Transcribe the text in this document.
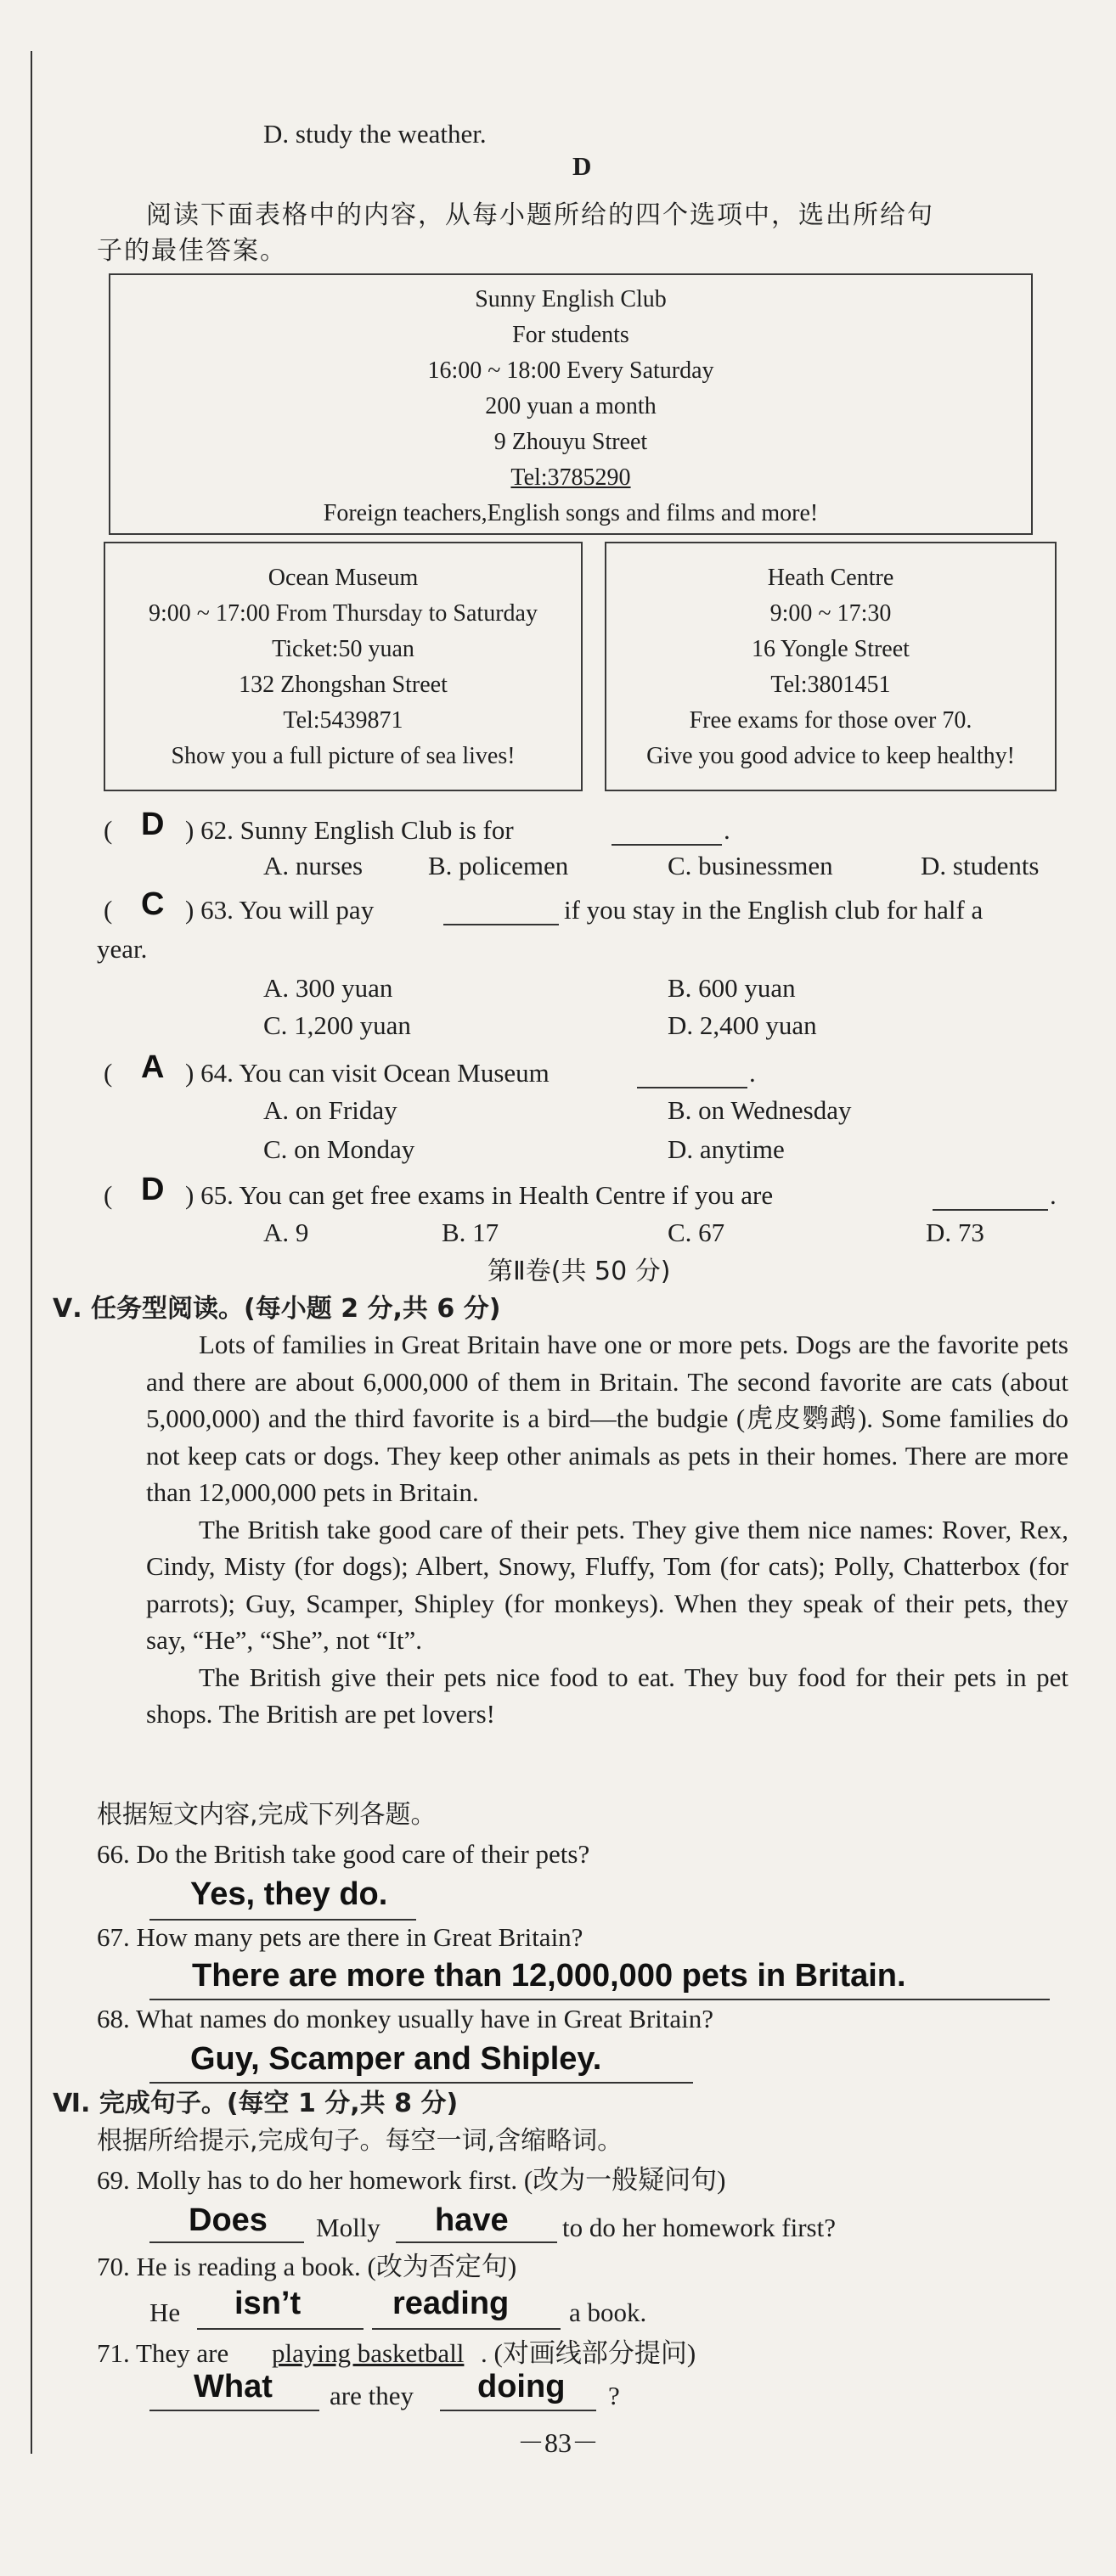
D. study the weather.
D
阅读下面表格中的内容，从每小题所给的四个选项中，选出所给句
子的最佳答案。
Sunny English Club
For students
16:00 ~ 18:00 Every Saturday
200 yuan a month
9 Zhouyu Street
Tel:3785290
Foreign teachers,English songs and films and more!
Ocean Museum
9:00 ~ 17:00 From Thursday to Saturday
Ticket:50 yuan
132 Zhongshan Street
Tel:5439871
Show you a full picture of sea lives!
Heath Centre
9:00 ~ 17:30
16 Yongle Street
Tel:3801451
Free exams for those over 70.
Give you good advice to keep healthy!
( D ) 62. Sunny English Club is for	.
A. nurses B. policemen	C. businessmen	D. students
( C ) 63. You will pay	if you stay in the English club for half a
year.
A. 300 yuan	B. 600 yuan
C. 1,200 yuan	D. 2,400 yuan
( A ) 64. You can visit Ocean Museum	.
A. on Friday	B. on Wednesday
C. on Monday	D. anytime
( D ) 65. You can get free exams in Health Centre if you are	.
A. 9	B. 17	C. 67	D. 73
第Ⅱ卷(共 50 分)
Ⅴ. 任务型阅读。(每小题 2 分,共 6 分)

Lots of families in Great Britain have one or more pets. Dogs are the favorite pets and there are about 6,000,000 of them in Britain. The second favorite are cats (about 5,000,000) and the third favorite is a bird—the budgie (虎皮鹦鹉). Some families do not keep cats or dogs. They keep other animals as pets in their homes. There are more than 12,000,000 pets in Britain.

The British take good care of their pets. They give them nice names: Rover, Rex, Cindy, Misty (for dogs); Albert, Snowy, Fluffy, Tom (for cats); Polly, Chatterbox (for parrots); Guy, Scamper, Shipley (for monkeys). When they speak of their pets, they say, “He”, “She”, not “It”.

The British give their pets nice food to eat. They buy food for their pets in pet shops. The British are pet lovers!

根据短文内容,完成下列各题。
66. Do the British take good care of their pets?
Yes, they do.
67. How many pets are there in Great Britain?
There are more than 12,000,000 pets in Britain.
68. What names do monkey usually have in Great Britain?
Guy, Scamper and Shipley.
Ⅵ. 完成句子。(每空 1 分,共 8 分)
根据所给提示,完成句子。每空一词,含缩略词。
69. Molly has to do her homework first. (改为一般疑问句)
Does Molly have to do her homework first?
70. He is reading a book. (改为否定句)
He isn’t	reading a book.
71. They are playing basketball . (对画线部分提问)
What are they doing ?
－83－
